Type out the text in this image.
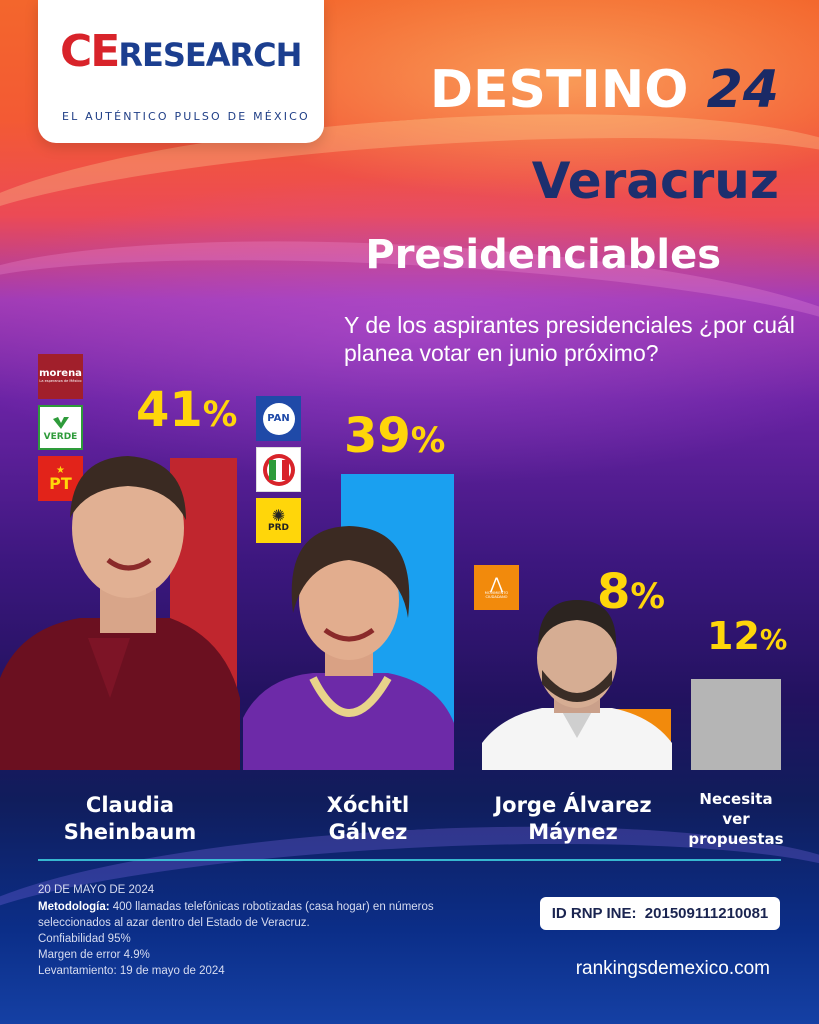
CERESEARCH
EL AUTÉNTICO PULSO DE MÉXICO DESTINO 24
Veracruz
Presidenciables
Y de los aspirantes presidenciales ¿por cuál planea votar en junio próximo?
morena
La esperanza de México
VERDE
★
PT
PAN
✺
PRD
⋀
MOVIMIENTO CIUDADANO
41% 39%
8%
12%
Claudia
Sheinbaum
Xóchitl
Gálvez
Jorge Álvarez
Máynez
Necesita
ver
propuestas
20 DE MAYO DE 2024
Metodología: 400 llamadas telefónicas robotizadas (casa hogar) en números
seleccionados al azar dentro del Estado de Veracruz.
Confiabilidad 95%
Margen de error 4.9%
Levantamiento: 19 de mayo de 2024
ID RNP INE:
201509111210081
rankingsdemexico.com
